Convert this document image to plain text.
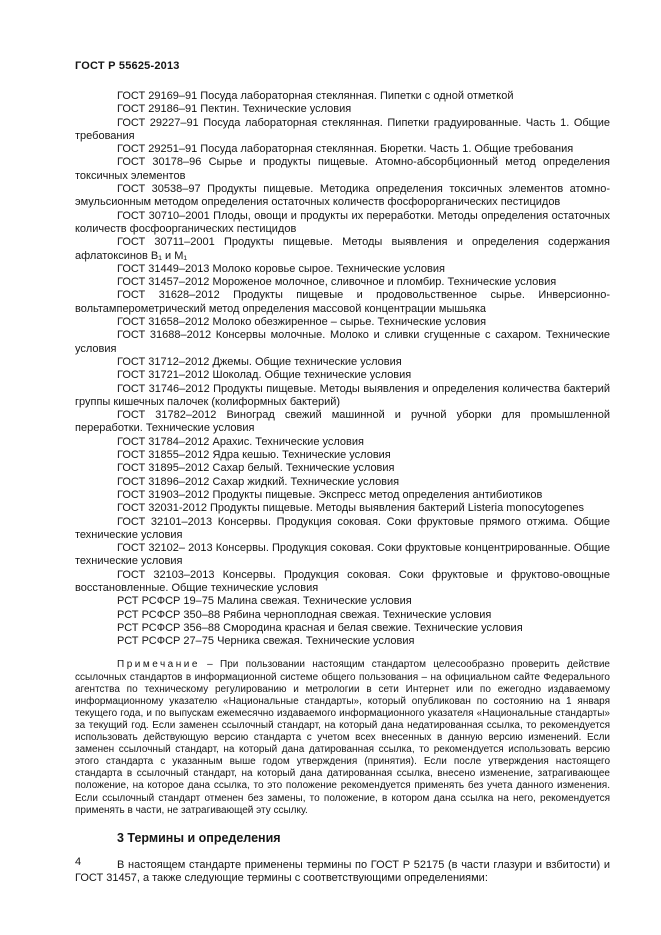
ГОСТ Р 55625-2013

ГОСТ 29169–91 Посуда лабораторная стеклянная. Пипетки с одной отметкой

ГОСТ 29186–91 Пектин. Технические условия

ГОСТ 29227–91 Посуда лабораторная стеклянная. Пипетки градуированные. Часть 1. Общие требования

ГОСТ 29251–91 Посуда лабораторная стеклянная. Бюретки. Часть 1. Общие требования

ГОСТ 30178–96 Сырье и продукты пищевые. Атомно-абсорбционный метод определения токсичных элементов

ГОСТ 30538–97 Продукты пищевые. Методика определения токсичных элементов атомно-эмульсионным методом определения остаточных количеств фосфорорганических пестицидов

ГОСТ 30710–2001 Плоды, овощи и продукты их переработки. Методы определения остаточных количеств фосфоорганических пестицидов

ГОСТ 30711–2001 Продукты пищевые. Методы выявления и определения содержания афлатоксинов В₁ и М₁

ГОСТ 31449–2013 Молоко коровье сырое. Технические условия

ГОСТ 31457–2012 Мороженое молочное, сливочное и пломбир. Технические условия

ГОСТ 31628–2012 Продукты пищевые и продовольственное сырье. Инверсионно-вольтамперометрический метод определения массовой концентрации мышьяка

ГОСТ 31658–2012 Молоко обезжиренное – сырье. Технические условия

ГОСТ 31688–2012 Консервы молочные. Молоко и сливки сгущенные с сахаром. Технические условия

ГОСТ 31712–2012 Джемы. Общие технические условия

ГОСТ 31721–2012 Шоколад. Общие технические условия

ГОСТ 31746–2012 Продукты пищевые. Методы выявления и определения количества бактерий группы кишечных палочек (колиформных бактерий)

ГОСТ 31782–2012 Виноград свежий машинной и ручной уборки для промышленной переработки. Технические условия

ГОСТ 31784–2012 Арахис. Технические условия

ГОСТ 31855–2012 Ядра кешью. Технические условия

ГОСТ 31895–2012 Сахар белый. Технические условия

ГОСТ 31896–2012 Сахар жидкий. Технические условия

ГОСТ 31903–2012 Продукты пищевые. Экспресс метод определения антибиотиков

ГОСТ 32031-2012 Продукты пищевые. Методы выявления бактерий Listeria monocytogenes

ГОСТ 32101–2013 Консервы. Продукция соковая. Соки фруктовые прямого отжима. Общие технические условия

ГОСТ 32102– 2013 Консервы. Продукция соковая. Соки фруктовые концентрированные. Общие технические условия

ГОСТ 32103–2013 Консервы. Продукция соковая. Соки фруктовые и фруктово-овощные восстановленные. Общие технические условия

РСТ РСФСР 19–75 Малина свежая. Технические условия

РСТ РСФСР 350–88 Рябина черноплодная свежая. Технические условия

РСТ РСФСР 356–88 Смородина красная и белая свежие. Технические условия

РСТ РСФСР 27–75 Черника свежая. Технические условия

Примечание – При пользовании настоящим стандартом целесообразно проверить действие ссылочных стандартов в информационной системе общего пользования – на официальном сайте Федерального агентства по техническому регулированию и метрологии в сети Интернет или по ежегодно издаваемому информационному указателю «Национальные стандарты», который опубликован по состоянию на 1 января текущего года, и по выпускам ежемесячно издаваемого информационного указателя «Национальные стандарты» за текущий год. Если заменен ссылочный стандарт, на который дана недатированная ссылка, то рекомендуется использовать действующую версию стандарта с учетом всех внесенных в данную версию изменений. Если заменен ссылочный стандарт, на который дана датированная ссылка, то рекомендуется использовать версию этого стандарта с указанным выше годом утверждения (принятия). Если после утверждения настоящего стандарта в ссылочный стандарт, на который дана датированная ссылка, внесено изменение, затрагивающее положение, на которое дана ссылка, то это положение рекомендуется применять без учета данного изменения. Если ссылочный стандарт отменен без замены, то положение, в котором дана ссылка на него, рекомендуется применять в части, не затрагивающей эту ссылку.

3 Термины и определения

В настоящем стандарте применены термины по ГОСТ Р 52175 (в части глазури и взбитости) и ГОСТ 31457, а также следующие термины с соответствующими определениями:

4
